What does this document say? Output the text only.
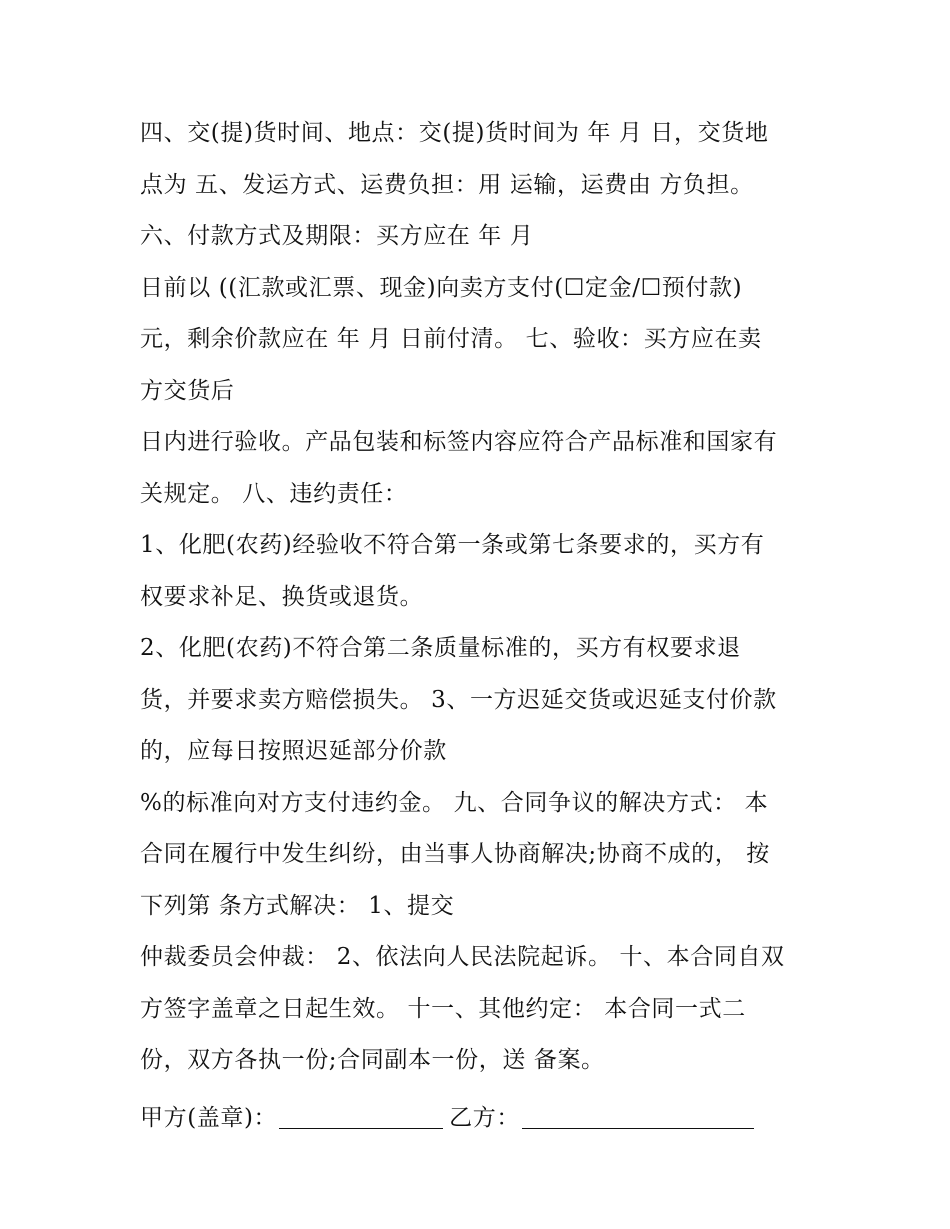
四、交(提)货时间、地点：交(提)货时间为 年 月 日，交货地
点为 五、发运方式、运费负担：用 运输，运费由 方负担。
六、付款方式及期限：买方应在 年 月
日前以 ((汇款或汇票、现金)向卖方支付(☐定金/☐预付款)
元，剩余价款应在 年 月 日前付清。 七、验收：买方应在卖
方交货后
日内进行验收。产品包装和标签内容应符合产品标准和国家有
关规定。 八、违约责任：
1、化肥(农药)经验收不符合第一条或第七条要求的，买方有
权要求补足、换货或退货。
2、化肥(农药)不符合第二条质量标准的，买方有权要求退
货，并要求卖方赔偿损失。 3、一方迟延交货或迟延支付价款
的，应每日按照迟延部分价款
%的标准向对方支付违约金。 九、合同争议的解决方式： 本
合同在履行中发生纠纷，由当事人协商解决;协商不成的， 按
下列第 条方式解决： 1、提交
仲裁委员会仲裁： 2、依法向人民法院起诉。 十、本合同自双
方签字盖章之日起生效。 十一、其他约定： 本合同一式二
份，双方各执一份;合同副本一份，送 备案。
甲方(盖章)：	乙方：
